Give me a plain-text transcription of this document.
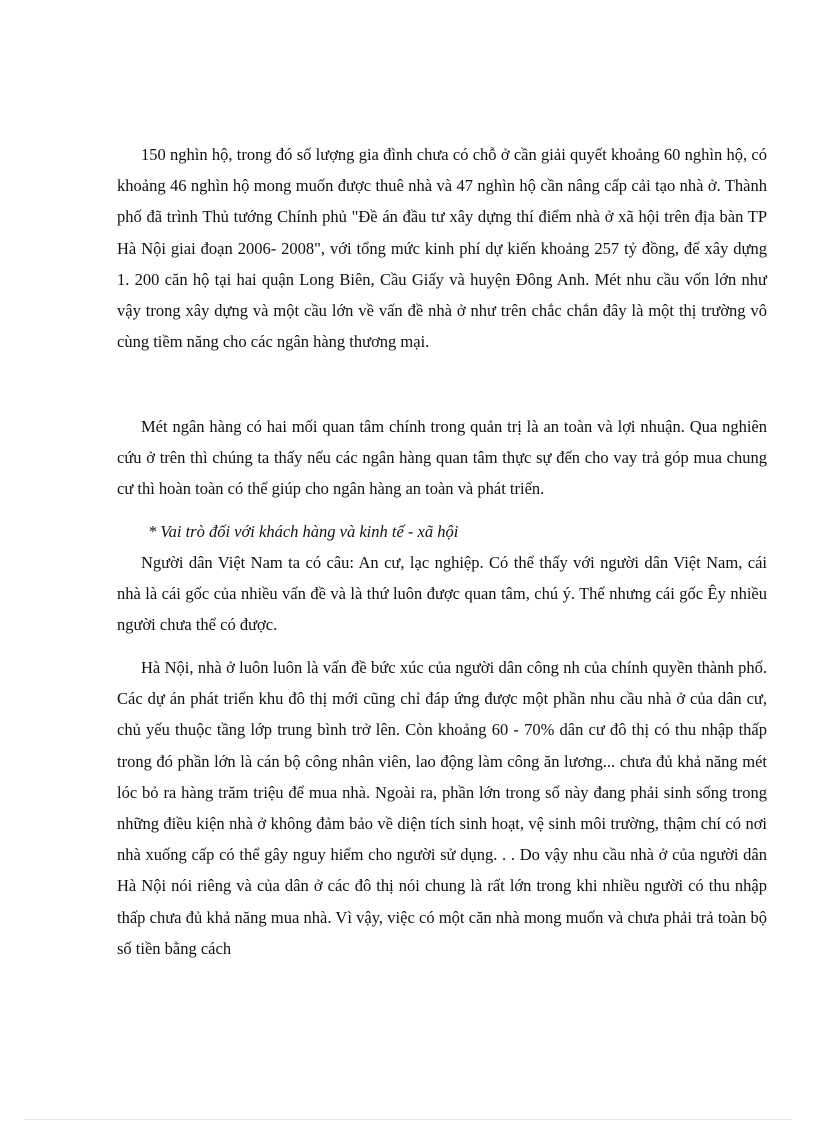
150 nghìn hộ, trong đó số lượng gia đình chưa có chỗ ở cần giải quyết khoảng 60 nghìn hộ, có khoảng 46 nghìn hộ mong muốn được thuê nhà và 47 nghìn hộ cần nâng cấp cải tạo nhà ở. Thành phố đã trình Thủ tướng Chính phủ "Đề án đầu tư xây dựng thí điểm nhà ở xã hội trên địa bàn TP Hà Nội giai đoạn 2006- 2008", với tổng mức kinh phí dự kiến khoảng 257 tỷ đồng, để xây dựng 1. 200 căn hộ tại hai quận Long Biên, Cầu Giấy và huyện Đông Anh. Mét nhu cầu vốn lớn như vậy trong xây dựng và một cầu lớn về vấn đề nhà ở như trên chắc chắn đây là một thị trường vô cùng tiềm năng cho các ngân hàng thương mại.

Mét ngân hàng có hai mối quan tâm chính trong quản trị là an toàn và lợi nhuận. Qua nghiên cứu ở trên thì chúng ta thấy nếu các ngân hàng quan tâm thực sự đến cho vay trả góp mua chung cư thì hoàn toàn có thể giúp cho ngân hàng an toàn và phát triển.

* Vai trò đối với khách hàng và kinh tế - xã hội

Người dân Việt Nam ta có câu: An cư, lạc nghiệp. Có thể thấy với người dân Việt Nam, cái nhà là cái gốc của nhiều vấn đề và là thứ luôn được quan tâm, chú ý. Thế nhưng cái gốc Êy nhiều người chưa thể có được.

Hà Nội, nhà ở luôn luôn là vấn đề bức xúc của người dân công nh của chính quyền thành phố. Các dự án phát triển khu đô thị mới cũng chỉ đáp ứng được một phần nhu cầu nhà ở của dân cư, chủ yếu thuộc tầng lớp trung bình trở lên. Còn khoảng 60 - 70% dân cư đô thị có thu nhập thấp trong đó phần lớn là cán bộ công nhân viên, lao động làm công ăn lương... chưa đủ khả năng mét lóc bỏ ra hàng trăm triệu để mua nhà. Ngoài ra, phần lớn trong số này đang phải sinh sống trong những điều kiện nhà ở không đảm bảo về diện tích sinh hoạt, vệ sinh môi trường, thậm chí có nơi nhà xuống cấp có thể gây nguy hiểm cho người sử dụng. . . Do vậy nhu cầu nhà ở của người dân Hà Nội nói riêng và của dân ở các đô thị nói chung là rất lớn trong khi nhiều người có thu nhập thấp chưa đủ khả năng mua nhà. Vì vậy, việc có một căn nhà mong muốn và chưa phải trả toàn bộ số tiền bằng cách
